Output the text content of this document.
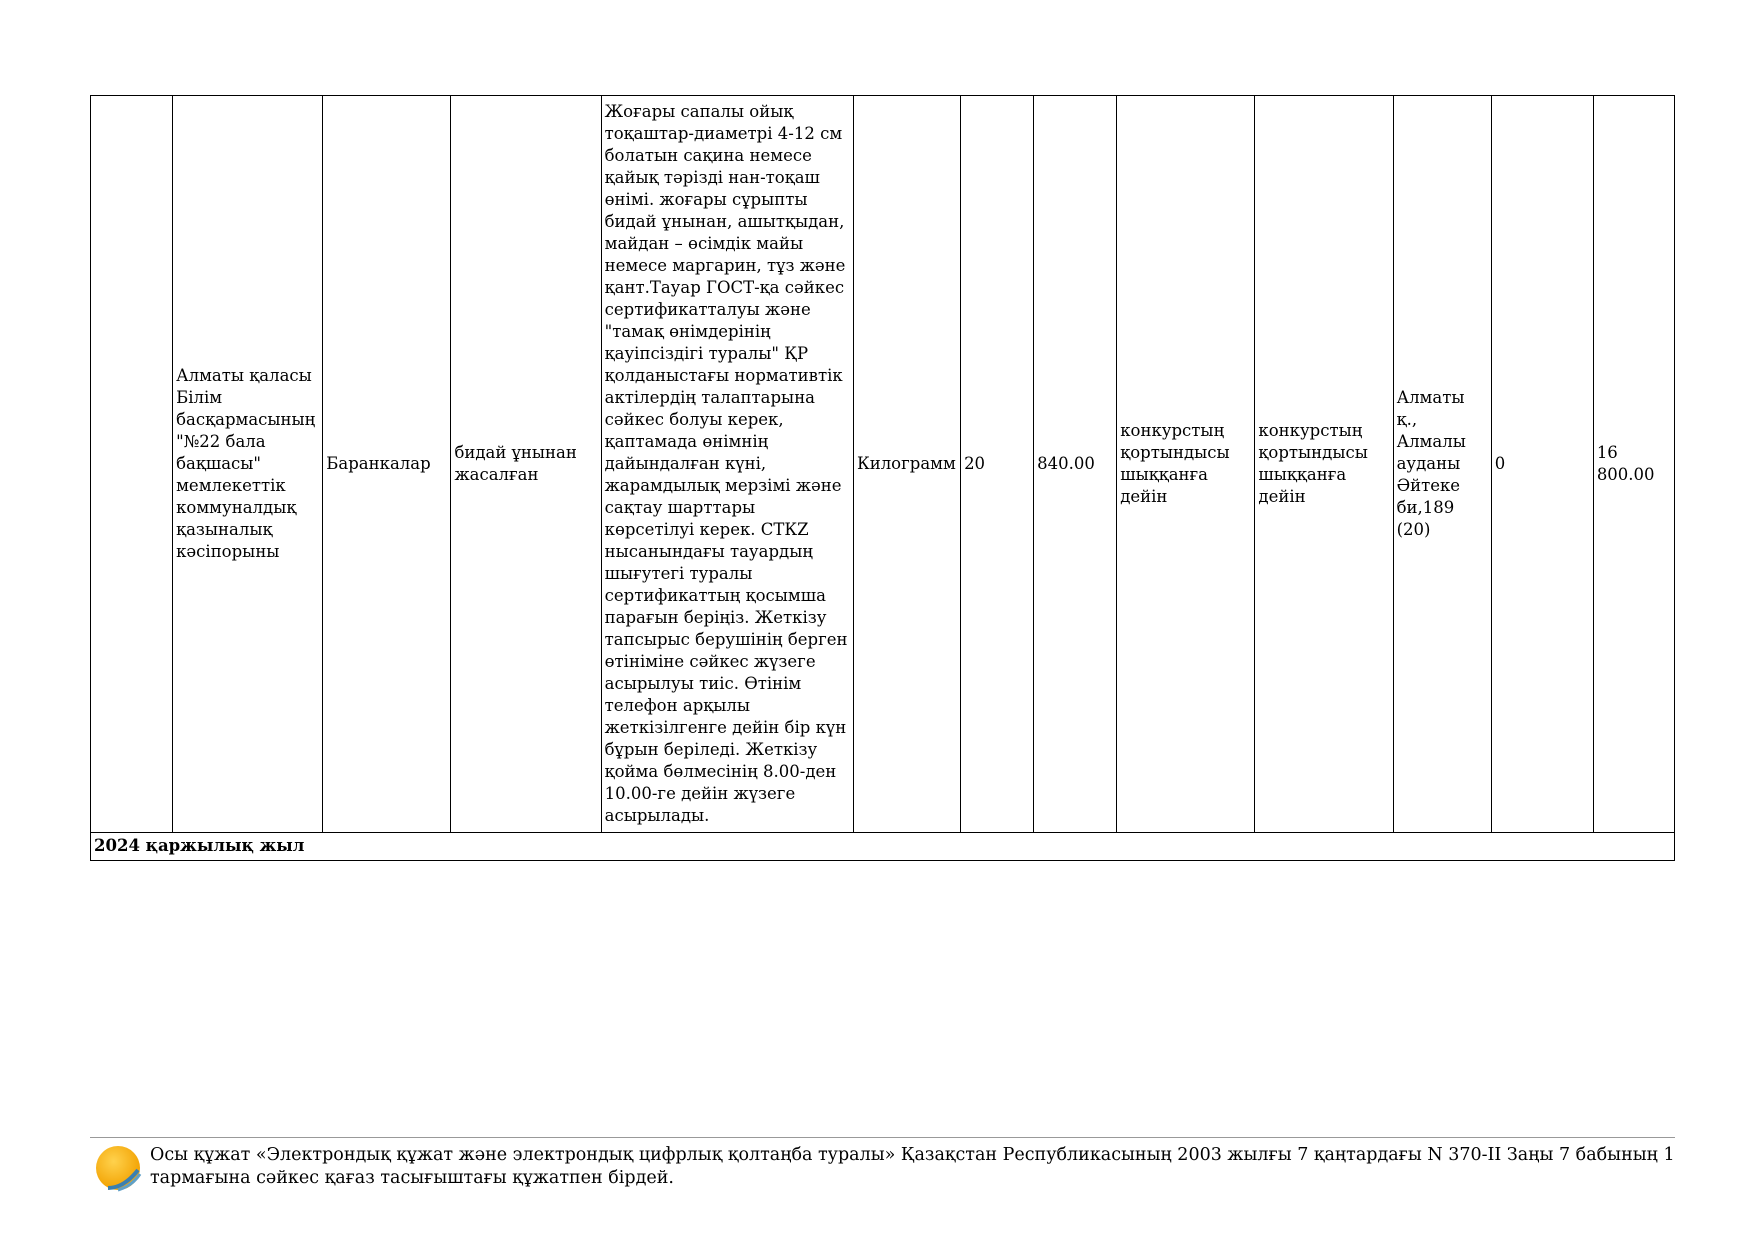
	Алматы қаласы Білім басқармасының "№22 бала бақшасы" мемлекеттік коммуналдық қазыналық кәсіпорыны	Баранкалар	бидай ұнынан жасалған	Жоғары сапалы ойық тоқаштар-диаметрі 4-12 см болатын сақина немесе қайық тәрізді нан-тоқаш өнімі. жоғары сұрыпты бидай ұнынан, ашытқыдан, майдан – өсімдік майы немесе маргарин, тұз және қант.Тауар ГОСТ-қа сәйкес сертификатталуы және "тамақ өнімдерінің қауіпсіздігі туралы" ҚР қолданыстағы нормативтік актілердің талаптарына сәйкес болуы керек, қаптамада өнімнің дайындалған күні, жарамдылық мерзімі және сақтау шарттары көрсетілуі керек. СТКZ нысанындағы тауардың шығутегі туралы сертификаттың қосымша парағын беріңіз. Жеткізу тапсырыс берушінің берген өтініміне сәйкес жүзеге асырылуы тиіс. Өтінім телефон арқылы жеткізілгенге дейін бір күн бұрын беріледі. Жеткізу қойма бөлмесінің 8.00-ден 10.00-ге дейін жүзеге асырылады.	Килограмм	20	840.00	конкурстың қортындысы шыққанға дейін	конкурстың қортындысы шыққанға дейін	Алматы қ., Алмалы ауданы Әйтеке би,189 (20)	0	16 800.00
2024 қаржылық жыл
Осы құжат «Электрондық құжат және электрондық цифрлық қолтаңба туралы» Қазақстан Республикасының 2003 жылғы 7 қаңтардағы N 370-II Заңы 7 бабының 1 тармағына сәйкес қағаз тасығыштағы құжатпен бірдей.
